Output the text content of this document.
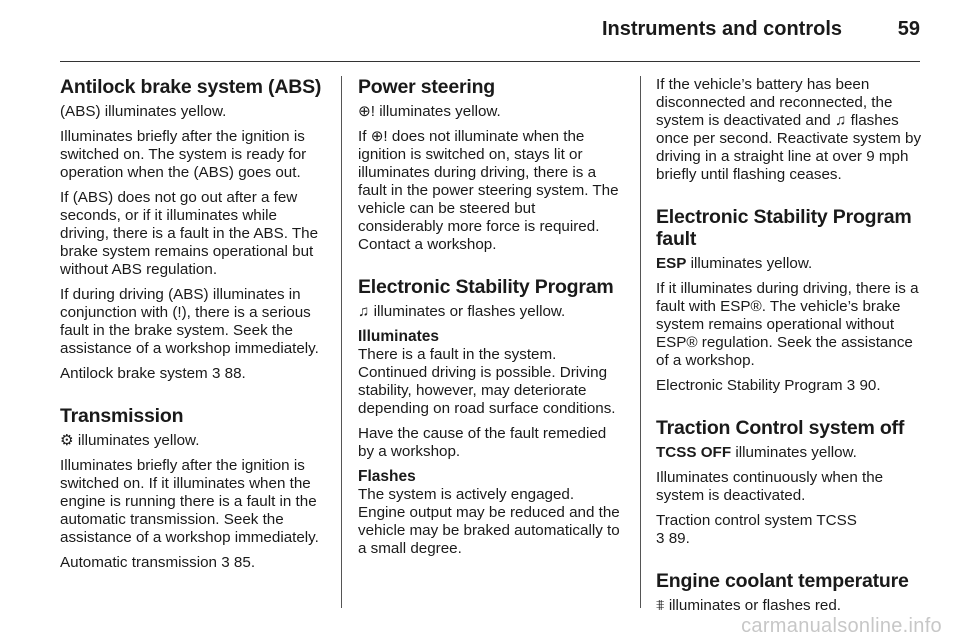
Instruments and controls	59
Antilock brake system (ABS)

(ABS) illuminates yellow.

Illuminates briefly after the ignition is switched on. The system is ready for operation when the (ABS) goes out.

If (ABS) does not go out after a few seconds, or if it illuminates while driving, there is a fault in the ABS. The brake system remains operational but without ABS regulation.

If during driving (ABS) illuminates in conjunction with (!), there is a serious fault in the brake system. Seek the assistance of a workshop immediately.

Antilock brake system 3 88.

Transmission

⚙ illuminates yellow.

Illuminates briefly after the ignition is switched on. If it illuminates when the engine is running there is a fault in the automatic transmission. Seek the assistance of a workshop immediately.

Automatic transmission 3 85.

Power steering

⊕! illuminates yellow.

If ⊕! does not illuminate when the ignition is switched on, stays lit or illuminates during driving, there is a fault in the power steering system. The vehicle can be steered but considerably more force is required. Contact a workshop.

Electronic Stability Program

♫ illuminates or flashes yellow.

Illuminates

There is a fault in the system. Continued driving is possible. Driving stability, however, may deteriorate depending on road surface conditions.

Have the cause of the fault remedied by a workshop.

Flashes

The system is actively engaged. Engine output may be reduced and the vehicle may be braked automatically to a small degree.

If the vehicle’s battery has been disconnected and reconnected, the system is deactivated and ♫ flashes once per second. Reactivate system by driving in a straight line at over 9 mph briefly until flashing ceases.

Electronic Stability Program fault

ESP illuminates yellow.

If it illuminates during driving, there is a fault with ESP®. The vehicle’s brake system remains operational without ESP® regulation. Seek the assistance of a workshop.

Electronic Stability Program 3 90.

Traction Control system off

TCSS OFF illuminates yellow.

Illuminates continuously when the system is deactivated.

Traction control system TCSS
3 89.

Engine coolant temperature

⩨ illuminates or flashes red.

carmanualsonline.info
